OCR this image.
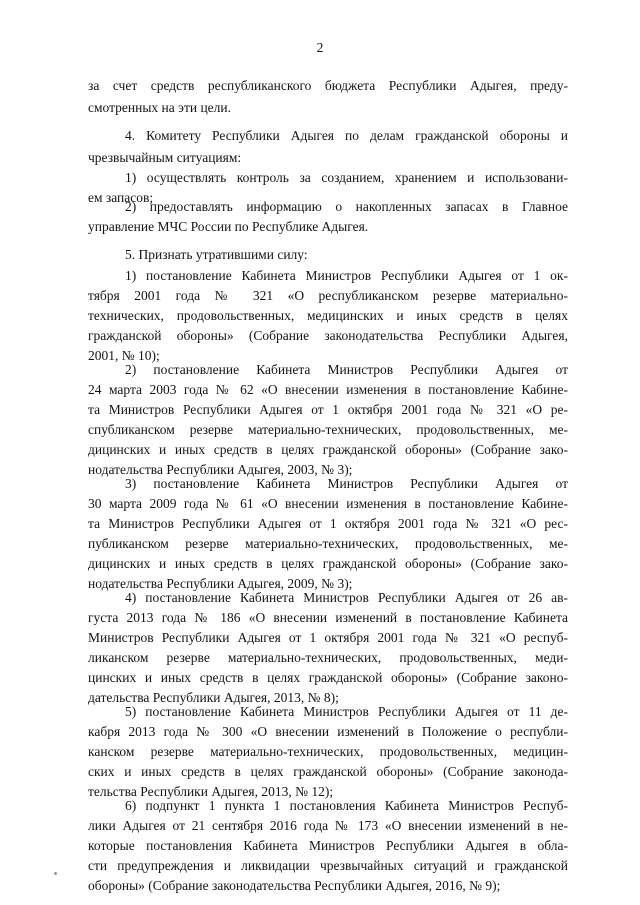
2
за счет средств республиканского бюджета Республики Адыгея, преду-
смотренных на эти цели.
4. Комитету Республики Адыгея по делам гражданской обороны и
чрезвычайным ситуациям:
1) осуществлять контроль за созданием, хранением и использовани-
ем запасов;
2) предоставлять информацию о накопленных запасах в Главное
управление МЧС России по Республике Адыгея.
5. Признать утратившими силу:
1) постановление Кабинета Министров Республики Адыгея от 1 ок-
тября 2001 года № 321 «О республиканском резерве материально-
технических, продовольственных, медицинских и иных средств в целях
гражданской обороны» (Собрание законодательства Республики Адыгея,
2001, № 10);
2) постановление Кабинета Министров Республики Адыгея от
24 марта 2003 года № 62 «О внесении изменения в постановление Кабине-
та Министров Республики Адыгея от 1 октября 2001 года № 321 «О ре-
спубликанском резерве материально-технических, продовольственных, ме-
дицинских и иных средств в целях гражданской обороны» (Собрание зако-
нодательства Республики Адыгея, 2003, № 3);
3) постановление Кабинета Министров Республики Адыгея от
30 марта 2009 года № 61 «О внесении изменения в постановление Кабине-
та Министров Республики Адыгея от 1 октября 2001 года № 321 «О рес-
публиканском резерве материально-технических, продовольственных, ме-
дицинских и иных средств в целях гражданской обороны» (Собрание зако-
нодательства Республики Адыгея, 2009, № 3);
4) постановление Кабинета Министров Республики Адыгея от 26 ав-
густа 2013 года № 186 «О внесении изменений в постановление Кабинета
Министров Республики Адыгея от 1 октября 2001 года № 321 «О респуб-
ликанском резерве материально-технических, продовольственных, меди-
цинских и иных средств в целях гражданской обороны» (Собрание законо-
дательства Республики Адыгея, 2013, № 8);
5) постановление Кабинета Министров Республики Адыгея от 11 де-
кабря 2013 года № 300 «О внесении изменений в Положение о республи-
канском резерве материально-технических, продовольственных, медицин-
ских и иных средств в целях гражданской обороны» (Собрание законода-
тельства Республики Адыгея, 2013, № 12);
6) подпункт 1 пункта 1 постановления Кабинета Министров Респуб-
лики Адыгея от 21 сентября 2016 года № 173 «О внесении изменений в не-
которые постановления Кабинета Министров Республики Адыгея в обла-
сти предупреждения и ликвидации чрезвычайных ситуаций и гражданской
обороны» (Собрание законодательства Республики Адыгея, 2016, № 9);
